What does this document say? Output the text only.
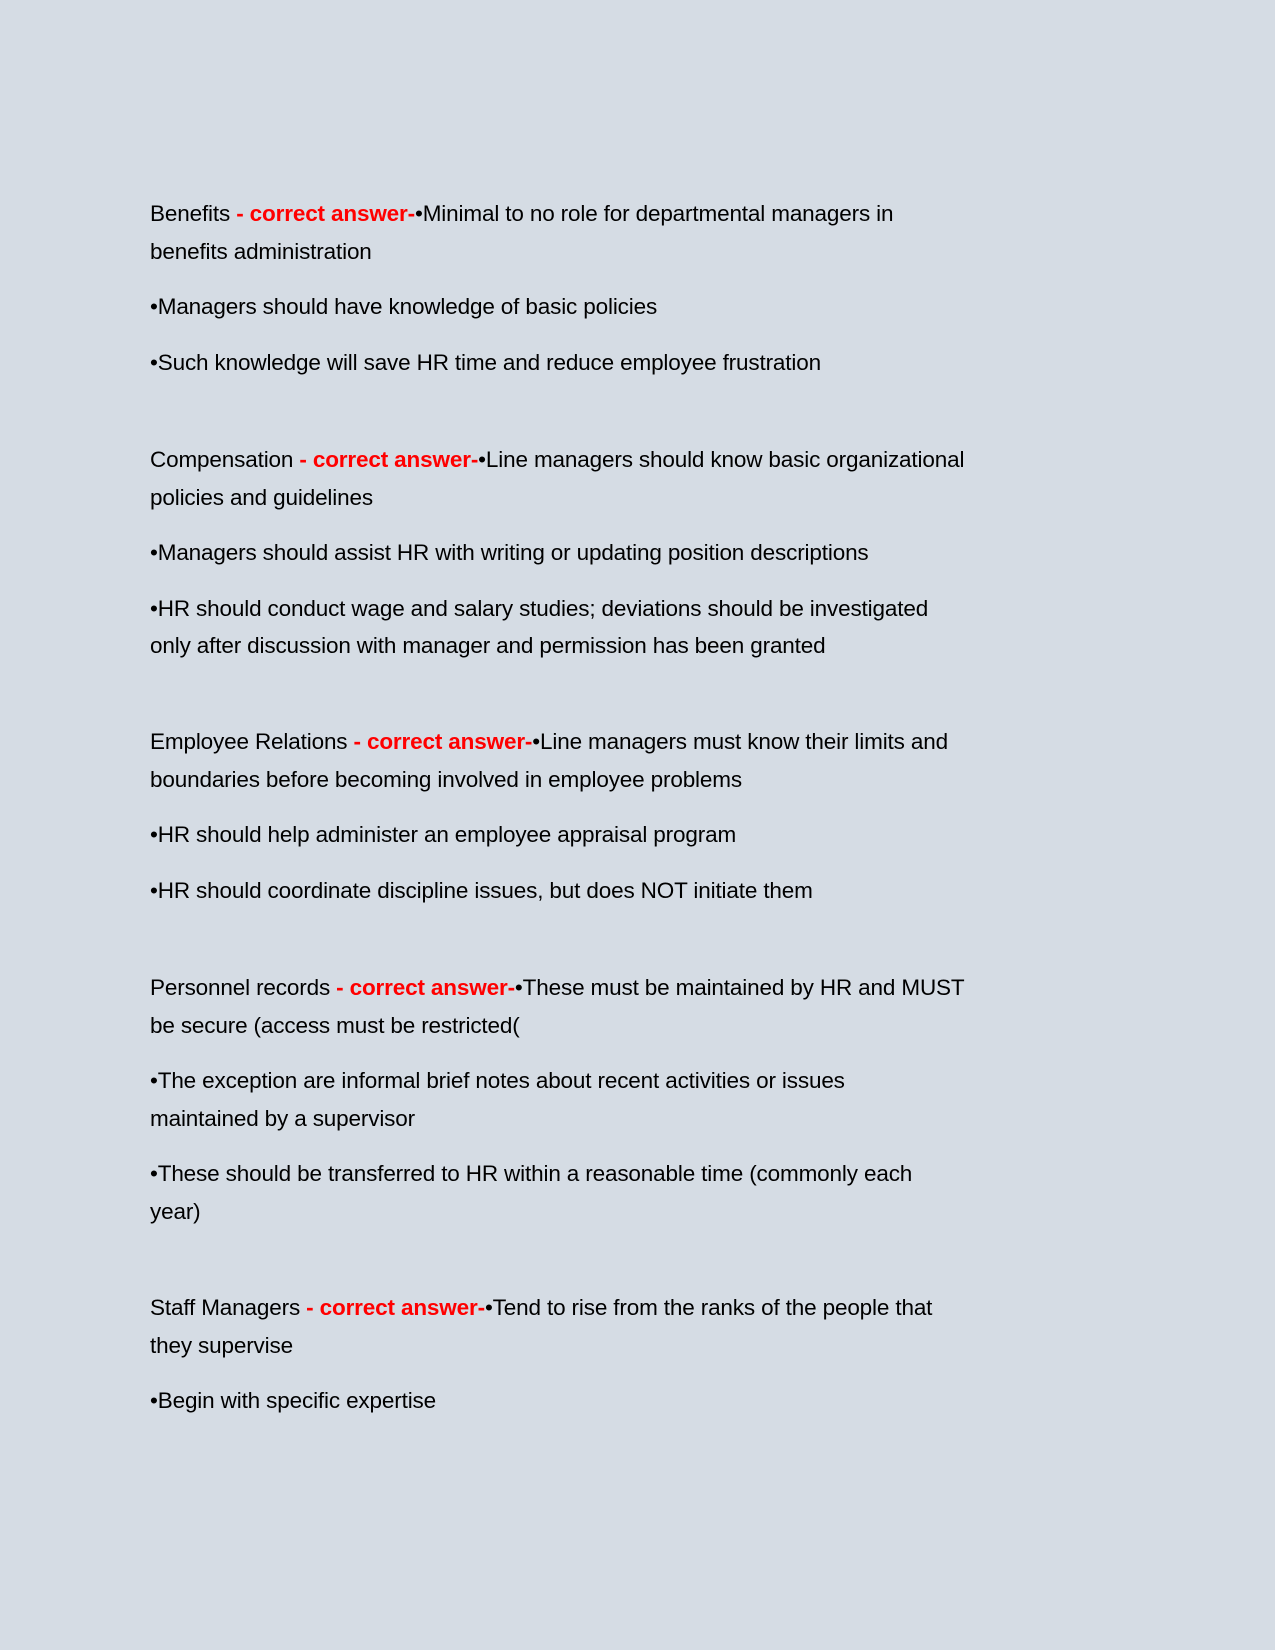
Benefits - correct answer-•Minimal to no role for departmental managers in
benefits administration
•Managers should have knowledge of basic policies
•Such knowledge will save HR time and reduce employee frustration
Compensation - correct answer-•Line managers should know basic organizational
policies and guidelines
•Managers should assist HR with writing or updating position descriptions
•HR should conduct wage and salary studies; deviations should be investigated
only after discussion with manager and permission has been granted
Employee Relations - correct answer-•Line managers must know their limits and
boundaries before becoming involved in employee problems
•HR should help administer an employee appraisal program
•HR should coordinate discipline issues, but does NOT initiate them
Personnel records - correct answer-•These must be maintained by HR and MUST
be secure (access must be restricted(
•The exception are informal brief notes about recent activities or issues
maintained by a supervisor
•These should be transferred to HR within a reasonable time (commonly each
year)
Staff Managers - correct answer-•Tend to rise from the ranks of the people that
they supervise
•Begin with specific expertise
